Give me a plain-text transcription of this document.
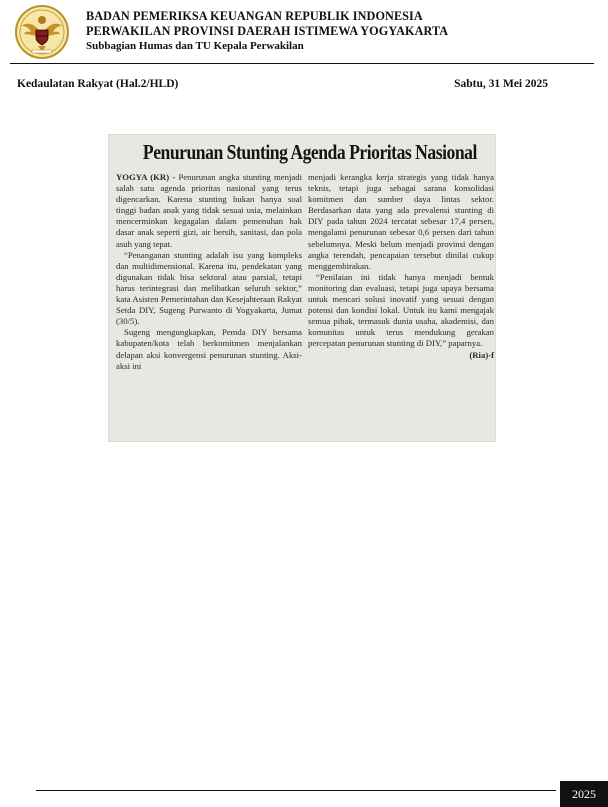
BADAN PEMERIKSA KEUANGAN REPUBLIK INDONESIA
PERWAKILAN PROVINSI DAERAH ISTIMEWA YOGYAKARTA
Subbagian Humas dan TU Kepala Perwakilan
Kedaulatan Rakyat (Hal.2/HLD)	Sabtu, 31 Mei 2025
Penurunan Stunting Agenda Prioritas Nasional

YOGYA (KR) - Penurunan angka stunting menjadi salah satu agenda prioritas nasional yang terus digencarkan. Karena stunting bukan hanya soal tinggi badan anak yang tidak sesuai usia, melainkan mencerminkan kegagalan dalam pemenuhan hak dasar anak seperti gizi, air bersih, sanitasi, dan pola asuh yang tepat.

“Penanganan stunting adalah isu yang kompleks dan multidimensional. Karena itu, pendekatan yang digunakan tidak bisa sektoral atau parsial, tetapi harus terintegrasi dan melibatkan seluruh sektor,” kata Asisten Pemerintahan dan Kesejahteraan Rakyat Setda DIY, Sugeng Purwanto di Yogyakarta, Jumat (30/5).

Sugeng mengungkapkan, Pemda DIY bersama kabupaten/kota telah berkomitmen menjalankan delapan aksi konvergensi penurunan stunting. Aksi-aksi ini

menjadi kerangka kerja strategis yang tidak hanya teknis, tetapi juga sebagai sarana konsolidasi komitmen dan sumber daya lintas sektor. Berdasarkan data yang ada prevalensi stunting di DIY pada tahun 2024 tercatat sebesar 17,4 persen, mengalami penurunan sebesar 0,6 persen dari tahun sebelumnya. Meski belum menjadi provinsi dengan angka terendah, pencapaian tersebut dinilai cukup menggembirakan.

“Penilaian ini tidak hanya menjadi bentuk monitoring dan evaluasi, tetapi juga upaya bersama untuk mencari solusi inovatif yang sesuai dengan potensi dan kondisi lokal. Untuk itu kami mengajak semua pihak, termasuk dunia usaha, akademisi, dan komunitas untuk terus mendukung gerakan percepatan penurunan stunting di DIY,” paparnya.

(Ria)-f
2025
